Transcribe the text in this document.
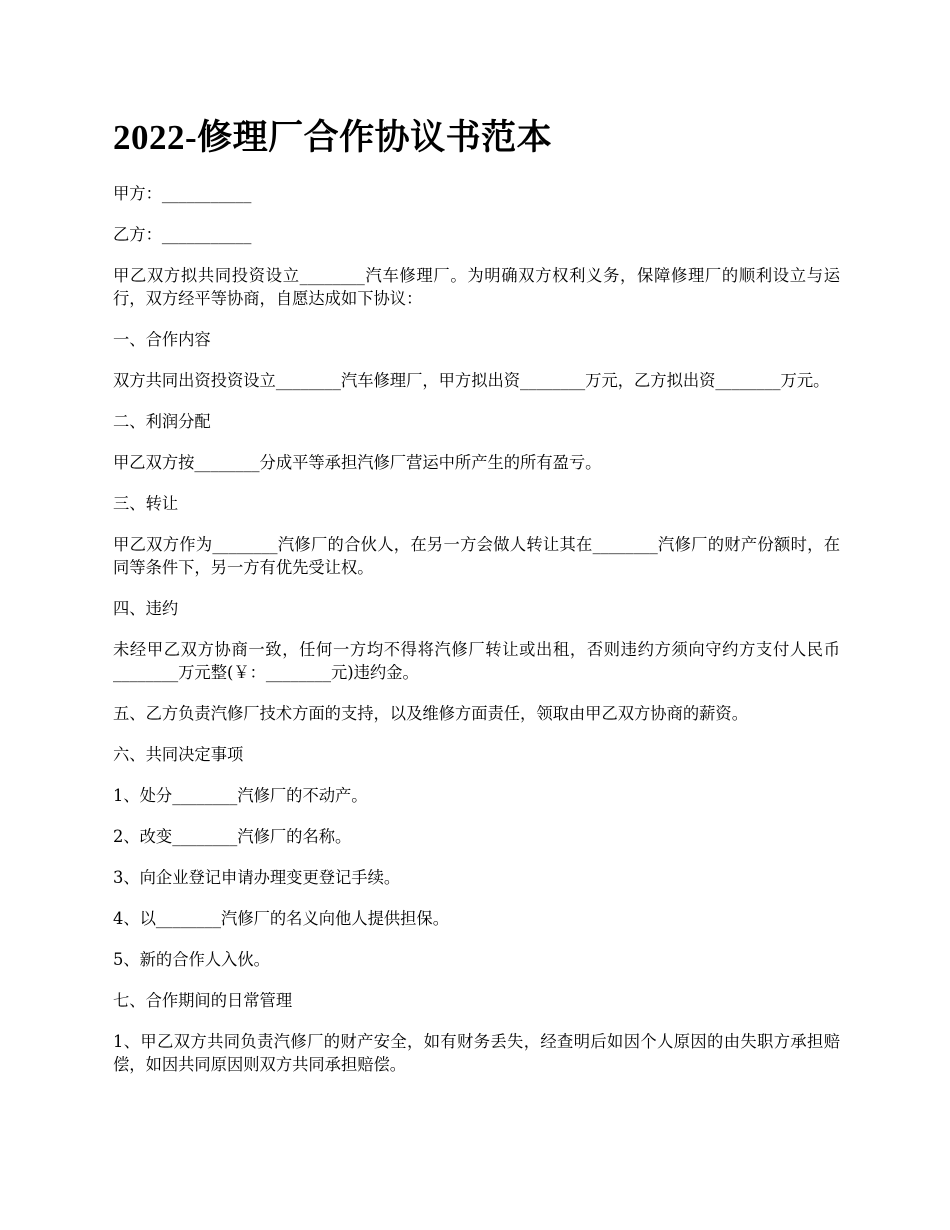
2022-修理厂合作协议书范本

甲方：___________

乙方：___________

甲乙双方拟共同投资设立________汽车修理厂。为明确双方权利义务，保障修理厂的顺利设立与运行，双方经平等协商，自愿达成如下协议：

一、合作内容

双方共同出资投资设立________汽车修理厂，甲方拟出资________万元，乙方拟出资________万元。

二、利润分配

甲乙双方按________分成平等承担汽修厂营运中所产生的所有盈亏。

三、转让

甲乙双方作为________汽修厂的合伙人，在另一方会做人转让其在________汽修厂的财产份额时，在同等条件下，另一方有优先受让权。

四、违约

未经甲乙双方协商一致，任何一方均不得将汽修厂转让或出租，否则违约方须向守约方支付人民币________万元整(￥：________元)违约金。

五、乙方负责汽修厂技术方面的支持，以及维修方面责任，领取由甲乙双方协商的薪资。

六、共同决定事项

1、处分________汽修厂的不动产。

2、改变________汽修厂的名称。

3、向企业登记申请办理变更登记手续。

4、以________汽修厂的名义向他人提供担保。

5、新的合作人入伙。

七、合作期间的日常管理

1、甲乙双方共同负责汽修厂的财产安全，如有财务丢失，经查明后如因个人原因的由失职方承担赔偿，如因共同原因则双方共同承担赔偿。
